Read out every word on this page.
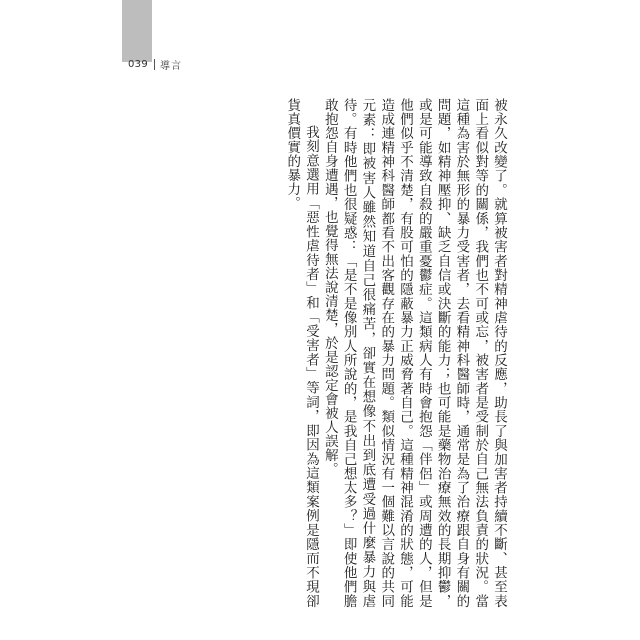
039 導言

被永久改變了。就算被害者對精神虐待的反應，助長了與加害者持續不斷、甚至表面上看似對等的關係，我們也不可或忘，被害者是受制於自己無法負責的狀況。當這種為害於無形的暴力受害者，去看精神科醫師時，通常是為了治療跟自身有關的問題，如精神壓抑、缺乏自信或決斷的能力；也可能是藥物治療無效的長期抑鬱，或是可能導致自殺的嚴重憂鬱症。這類病人有時會抱怨「伴侶」或周遭的人，但是他們似乎不清楚，有股可怕的隱蔽暴力正威脅著自己。這種精神混淆的狀態，可能造成連精神科醫師都看不出客觀存在的暴力問題。類似情況有一個難以言說的共同元素：即被害人雖然知道自己很痛苦，卻實在想像不出到底遭受過什麼暴力與虐待。有時他們也很疑惑：「是不是像別人所說的，是我自己想太多？」即使他們膽敢抱怨自身遭遇，也覺得無法說清楚，於是認定會被人誤解。

我刻意選用「惡性虐待者」和「受害者」等詞，即因為這類案例是隱而不現卻貨真價實的暴力。
